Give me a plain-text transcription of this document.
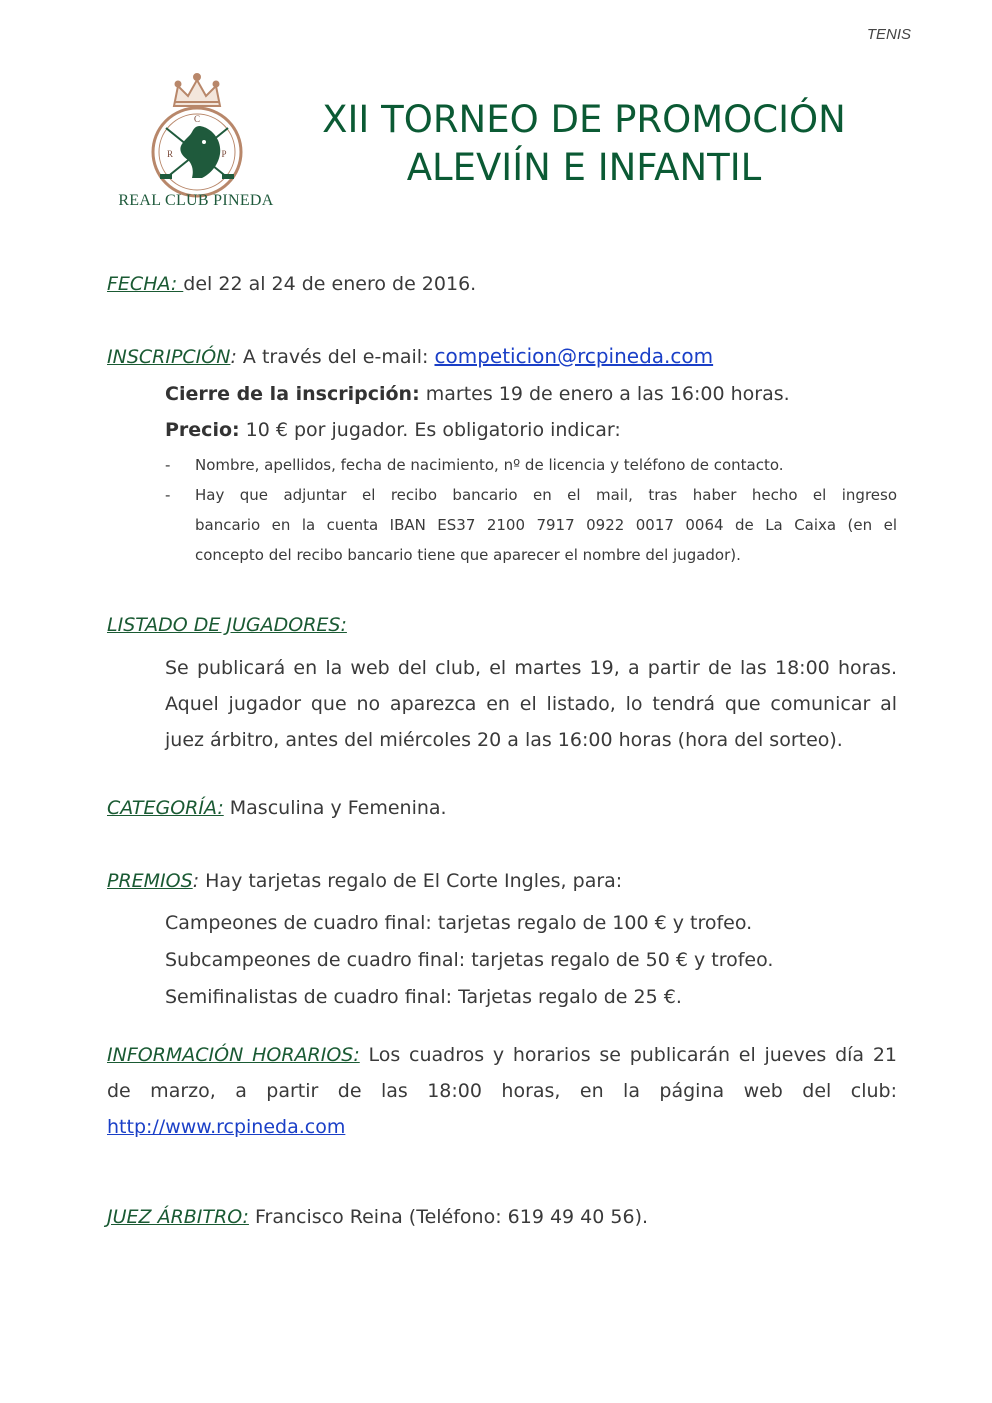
TENIS
C
R	P
REAL CLUB PINEDA
XII TORNEO DE PROMOCIÓN
ALEVIÍN E INFANTIL
FECHA: del 22 al 24 de enero de 2016.
INSCRIPCIÓN: A través del e-mail: competicion@rcpineda.com
Cierre de la inscripción: martes 19 de enero a las 16:00 horas.
Precio: 10 € por jugador. Es obligatorio indicar:
- Nombre, apellidos, fecha de nacimiento, nº de licencia y teléfono de contacto.
- Hay que adjuntar el recibo bancario en el mail, tras haber hecho el ingreso
bancario en la cuenta IBAN ES37 2100 7917 0922 0017 0064 de La Caixa (en el
concepto del recibo bancario tiene que aparecer el nombre del jugador).
LISTADO DE JUGADORES:
Se publicará en la web del club, el martes 19, a partir de las 18:00 horas.
Aquel jugador que no aparezca en el listado, lo tendrá que comunicar al
juez árbitro, antes del miércoles 20 a las 16:00 horas (hora del sorteo).
CATEGORÍA: Masculina y Femenina.
PREMIOS: Hay tarjetas regalo de El Corte Ingles, para:
Campeones de cuadro final: tarjetas regalo de 100 € y trofeo.
Subcampeones de cuadro final: tarjetas regalo de 50 € y trofeo.
Semifinalistas de cuadro final: Tarjetas regalo de 25 €.
INFORMACIÓN HORARIOS: Los cuadros y horarios se publicarán el jueves día 21
de marzo, a partir de las 18:00 horas, en la página web del club:
http://www.rcpineda.com
JUEZ ÁRBITRO: Francisco Reina (Teléfono: 619 49 40 56).
